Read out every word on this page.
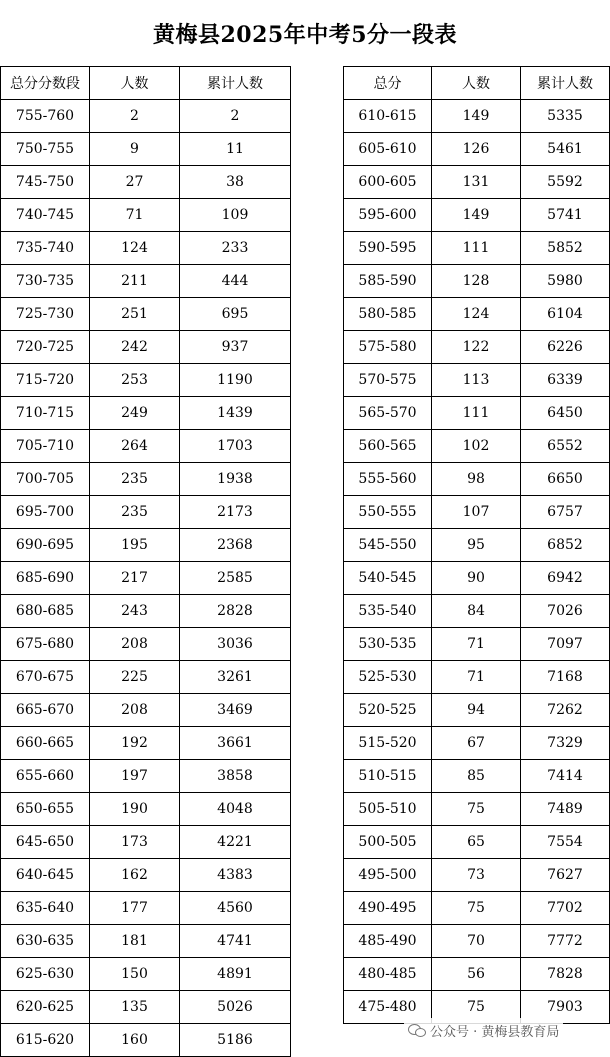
黄梅县2025年中考5分一段表
总分分数段	人数	累计人数
755-760	2	2
750-755	9	11
745-750	27	38
740-745	71	109
735-740	124	233
730-735	211	444
725-730	251	695
720-725	242	937
715-720	253	1190
710-715	249	1439
705-710	264	1703
700-705	235	1938
695-700	235	2173
690-695	195	2368
685-690	217	2585
680-685	243	2828
675-680	208	3036
670-675	225	3261
665-670	208	3469
660-665	192	3661
655-660	197	3858
650-655	190	4048
645-650	173	4221
640-645	162	4383
635-640	177	4560
630-635	181	4741
625-630	150	4891
620-625	135	5026
615-620	160	5186
总分	人数	累计人数
610-615	149	5335
605-610	126	5461
600-605	131	5592
595-600	149	5741
590-595	111	5852
585-590	128	5980
580-585	124	6104
575-580	122	6226
570-575	113	6339
565-570	111	6450
560-565	102	6552
555-560	98	6650
550-555	107	6757
545-550	95	6852
540-545	90	6942
535-540	84	7026
530-535	71	7097
525-530	71	7168
520-525	94	7262
515-520	67	7329
510-515	85	7414
505-510	75	7489
500-505	65	7554
495-500	73	7627
490-495	75	7702
485-490	70	7772
480-485	56	7828
475-480	75	7903
公众号 · 黄梅县教育局
